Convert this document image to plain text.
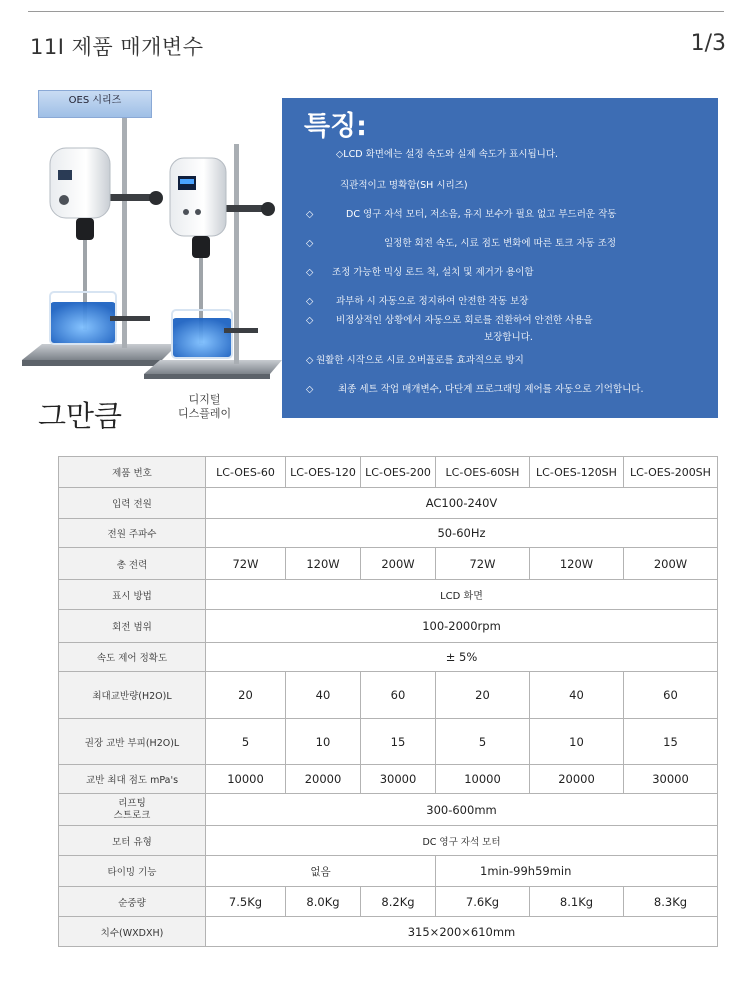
11I 제품 매개변수	1/3
OES 시리즈
그만큼	디지털
디스플레이
특징:
◇LCD 화면에는 설정 속도와 실제 속도가 표시됩니다.
직관적이고 명확함(SH 시리즈)
◇	DC 영구 자석 모터, 저소음, 유지 보수가 필요 없고 부드러운 작동
◇	일정한 회전 속도, 시료 점도 변화에 따른 토크 자동 조정
◇ 조정 가능한 믹싱 로드 척, 설치 및 제거가 용이함
◇ 과부하 시 자동으로 정지하여 안전한 작동 보장
◇ 비정상적인 상황에서 자동으로 회로를 전환하여 안전한 사용을
보장합니다.
◇ 원활한 시작으로 시료 오버플로를 효과적으로 방지
◇	최종 세트 작업 매개변수, 다단계 프로그래밍 제어를 자동으로 기억합니다.
제품 번호	LC-OES-60	LC-OES-120	LC-OES-200	LC-OES-60SH	LC-OES-120SH	LC-OES-200SH
입력 전원	AC100-240V					
전원 주파수	50-60Hz					
총 전력	72W	120W	200W	72W	120W	200W
표시 방법	LCD 화면					
회전 범위	100-2000rpm					
속도 제어 정확도	± 5%					
최대교반량(H2O)L	20	40	60	20	40	60
권장 교반 부피(H2O)L	5	10	15	5	10	15
교반 최대 점도 mPa's	10000	20000	30000	10000	20000	30000

리프팅
스트로크	300-600mm					
모터 유형	DC 영구 자석 모터					
타이밍 기능	없음			1min-99h59min		
순중량	7.5Kg	8.0Kg	8.2Kg	7.6Kg	8.1Kg	8.3Kg
치수(WXDXH)	315×200×610mm					
